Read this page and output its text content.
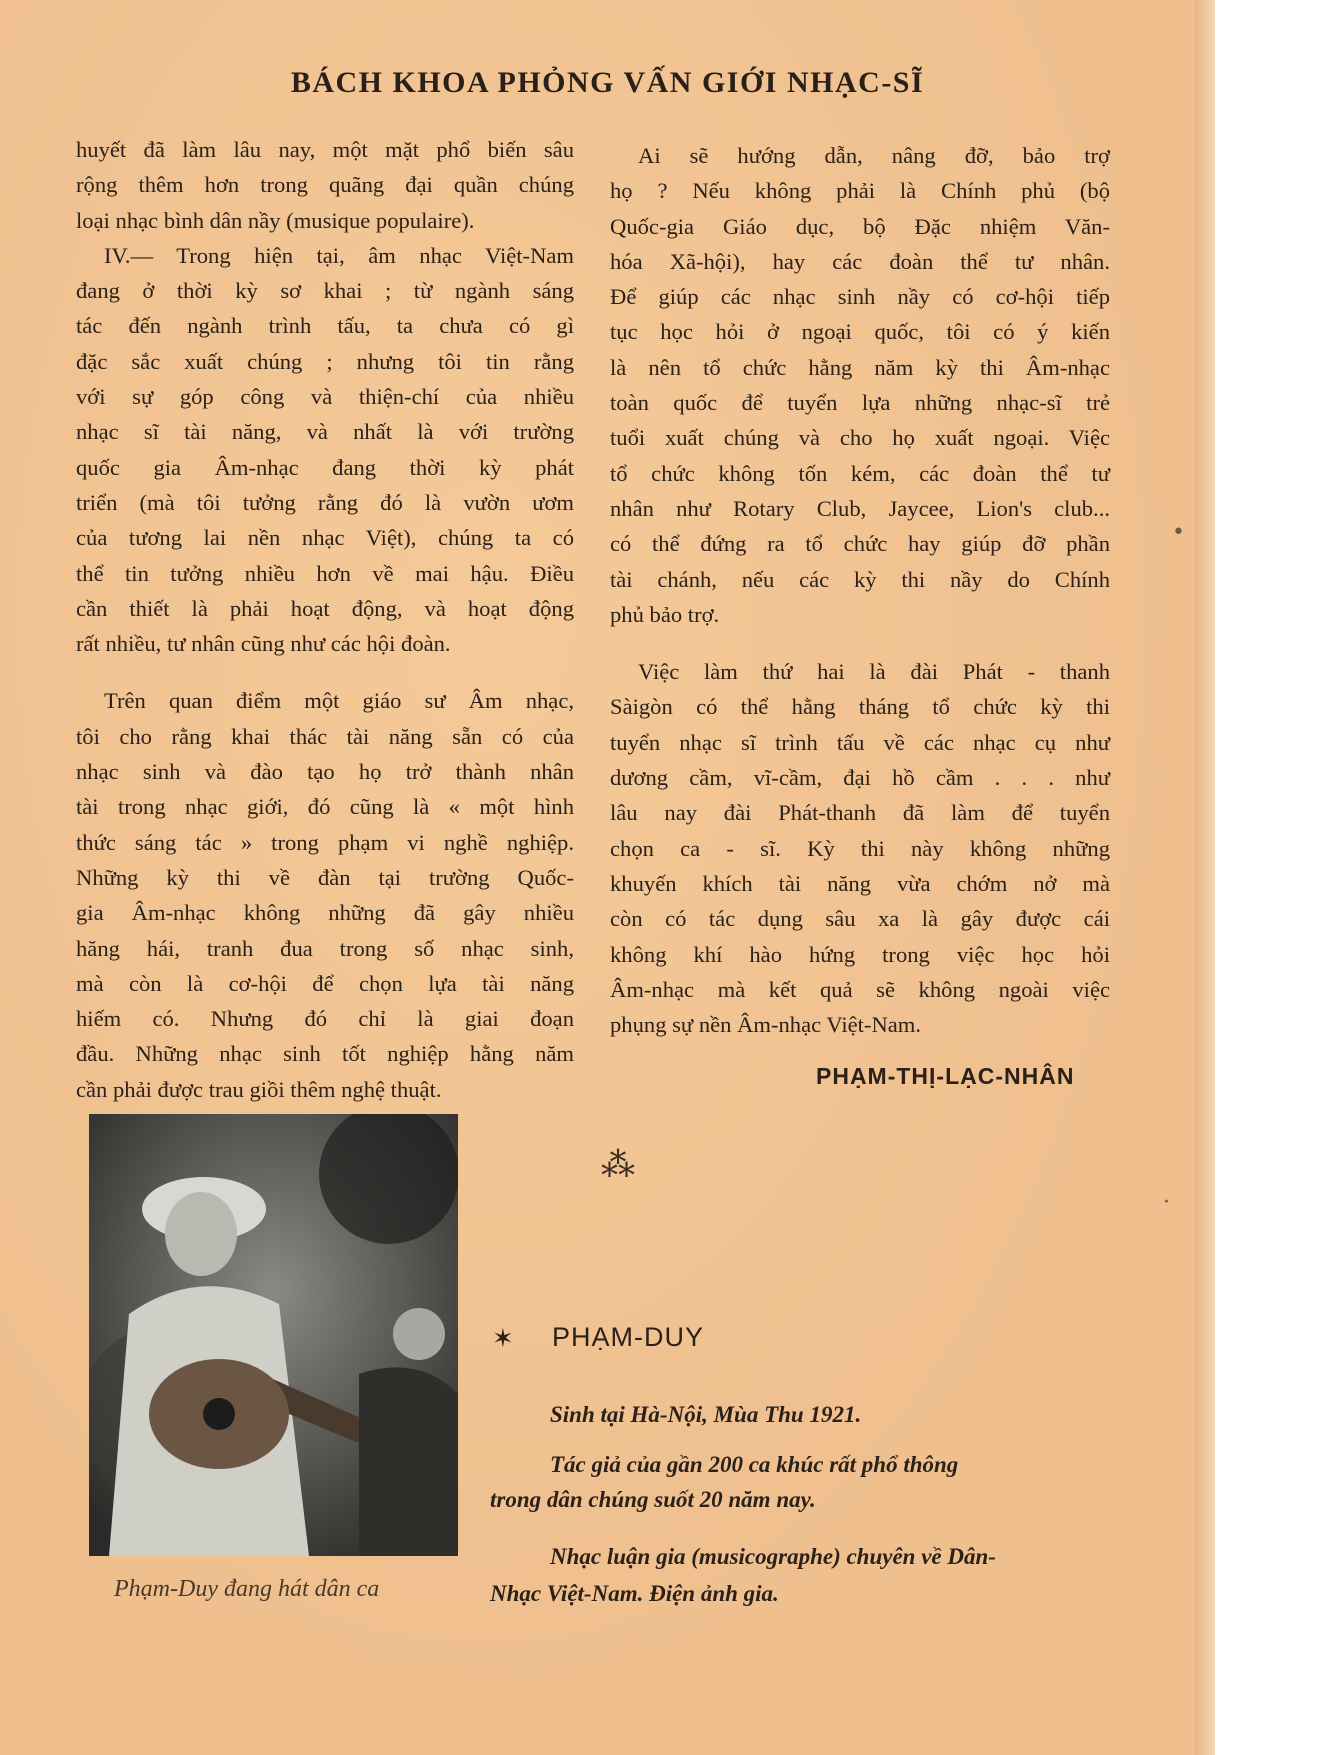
BÁCH KHOA PHỎNG VẤN GIỚI NHẠC-SĨ

huyết đã làm lâu nay, một mặt phổ biến sâu

rộng thêm hơn trong quãng đại quần chúng

loại nhạc bình dân nầy (musique populaire).

IV.— Trong hiện tại, âm nhạc Việt-Nam

đang ở thời kỳ sơ khai ; từ ngành sáng

tác đến ngành trình tấu, ta chưa có gì

đặc sắc xuất chúng ; nhưng tôi tin rằng

với sự góp công và thiện-chí của nhiều

nhạc sĩ tài năng, và nhất là với trường

quốc gia Âm-nhạc đang thời kỳ phát

triển (mà tôi tưởng rằng đó là vườn ươm

của tương lai nền nhạc Việt), chúng ta có

thể tin tưởng nhiều hơn về mai hậu. Điều

cần thiết là phải hoạt động, và hoạt động

rất nhiều, tư nhân cũng như các hội đoàn.

Trên quan điểm một giáo sư Âm nhạc,

tôi cho rằng khai thác tài năng sẵn có của

nhạc sinh và đào tạo họ trở thành nhân

tài trong nhạc giới, đó cũng là « một hình

thức sáng tác » trong phạm vi nghề nghiệp.

Những kỳ thi về đàn tại trường Quốc-

gia Âm-nhạc không những đã gây nhiều

hăng hái, tranh đua trong số nhạc sinh,

mà còn là cơ-hội để chọn lựa tài năng

hiếm có. Nhưng đó chỉ là giai đoạn

đầu. Những nhạc sinh tốt nghiệp hằng năm

cần phải được trau giồi thêm nghệ thuật.

Ai sẽ hướng dẫn, nâng đỡ, bảo trợ

họ ? Nếu không phải là Chính phủ (bộ

Quốc-gia Giáo dục, bộ Đặc nhiệm Văn-

hóa Xã-hội), hay các đoàn thể tư nhân.

Để giúp các nhạc sinh nầy có cơ-hội tiếp

tục học hỏi ở ngoại quốc, tôi có ý kiến

là nên tổ chức hằng năm kỳ thi Âm-nhạc

toàn quốc để tuyển lựa những nhạc-sĩ trẻ

tuổi xuất chúng và cho họ xuất ngoại. Việc

tổ chức không tốn kém, các đoàn thể tư

nhân như Rotary Club, Jaycee, Lion's club...

có thể đứng ra tổ chức hay giúp đỡ phần

tài chánh, nếu các kỳ thi nầy do Chính

phủ bảo trợ.

Việc làm thứ hai là đài Phát - thanh

Sàigòn có thể hằng tháng tổ chức kỳ thi

tuyển nhạc sĩ trình tấu về các nhạc cụ như

dương cầm, vĩ-cầm, đại hồ cầm . . . như

lâu nay đài Phát-thanh đã làm để tuyển

chọn ca - sĩ. Kỳ thi này không những

khuyến khích tài năng vừa chớm nở mà

còn có tác dụng sâu xa là gây được cái

không khí hào hứng trong việc học hỏi

Âm-nhạc mà kết quả sẽ không ngoài việc

phụng sự nền Âm-nhạc Việt-Nam.

PHẠM-THỊ-LẠC-NHÂN
⁂
Phạm-Duy đang hát dân ca
✶ PHẠM-DUY
Sinh tại Hà-Nội, Mùa Thu 1921.
Tác giả của gần 200 ca khúc rất phổ thông
trong dân chúng suốt 20 năm nay.
Nhạc luận gia (musicographe) chuyên về Dân-
Nhạc Việt-Nam. Điện ảnh gia.
•
·
